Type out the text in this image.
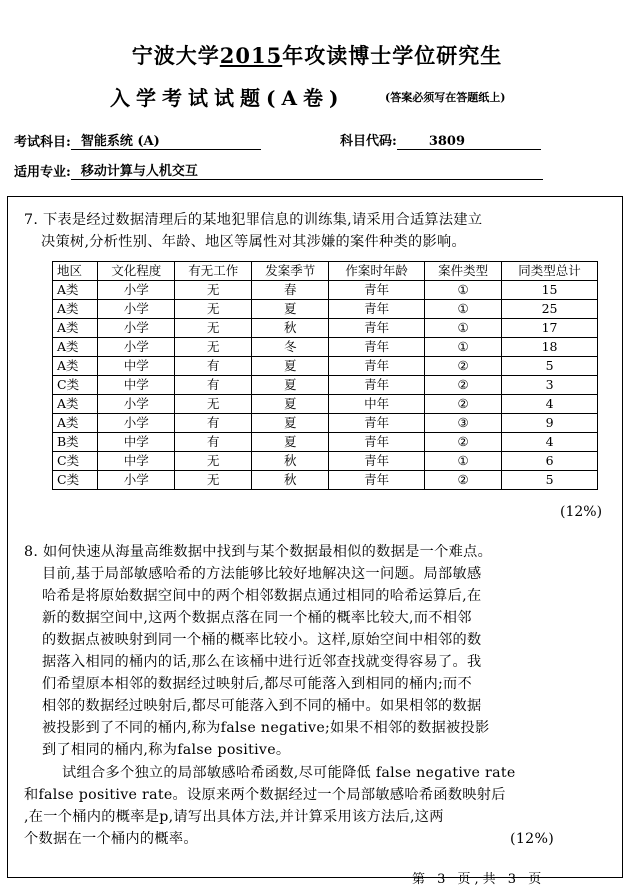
宁波大学2015年攻读博士学位研究生
入学考试试题(A卷)	(答案必须写在答题纸上)
考试科目: 智能系统 (A)	科目代码: 3809
适用专业: 移动计算与人机交互
7. 下表是经过数据清理后的某地犯罪信息的训练集,请采用合适算法建立
决策树,分析性别、年龄、地区等属性对其涉嫌的案件种类的影响。
地区	文化程度	有无工作	发案季节	作案时年龄	案件类型	同类型总计
A类	小学	无	春	青年	①	15
A类	小学	无	夏	青年	①	25
A类	小学	无	秋	青年	①	17
A类	小学	无	冬	青年	①	18
A类	中学	有	夏	青年	②	5
C类	中学	有	夏	青年	②	3
A类	小学	无	夏	中年	②	4
A类	小学	有	夏	青年	③	9
B类	中学	有	夏	青年	②	4
C类	中学	无	秋	青年	①	6
C类	小学	无	秋	青年	②	5
(12%)
8. 如何快速从海量高维数据中找到与某个数据最相似的数据是一个难点。
目前,基于局部敏感哈希的方法能够比较好地解决这一问题。局部敏感
哈希是将原始数据空间中的两个相邻数据点通过相同的哈希运算后,在
新的数据空间中,这两个数据点落在同一个桶的概率比较大,而不相邻
的数据点被映射到同一个桶的概率比较小。这样,原始空间中相邻的数
据落入相同的桶内的话,那么在该桶中进行近邻查找就变得容易了。我
们希望原本相邻的数据经过映射后,都尽可能落入到相同的桶内;而不
相邻的数据经过映射后,都尽可能落入到不同的桶中。如果相邻的数据
被投影到了不同的桶内,称为false negative;如果不相邻的数据被投影
到了相同的桶内,称为false positive。
试组合多个独立的局部敏感哈希函数,尽可能降低 false negative rate
和false positive rate。设原来两个数据经过一个局部敏感哈希函数映射后
,在一个桶内的概率是p,请写出具体方法,并计算采用该方法后,这两
个数据在一个桶内的概率。	(12%)
第 3 页,共 3 页
